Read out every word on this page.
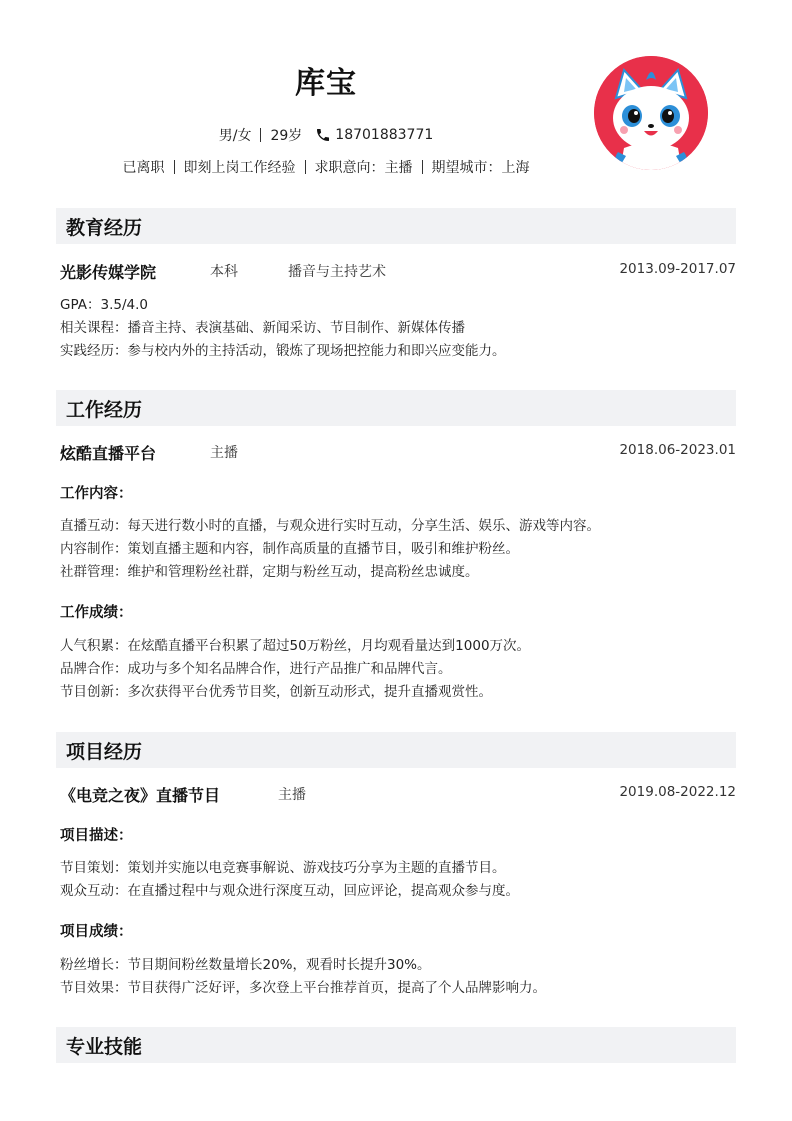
库宝
男/女 29岁 18701883771
已离职 即刻上岗工作经验 求职意向：主播 期望城市：上海
教育经历
光影传媒学院	本科	播音与主持艺术	2013.09-2017.07
GPA：3.5/4.0
相关课程：播音主持、表演基础、新闻采访、节目制作、新媒体传播
实践经历：参与校内外的主持活动，锻炼了现场把控能力和即兴应变能力。
工作经历
炫酷直播平台	主播	2018.06-2023.01
工作内容：
直播互动：每天进行数小时的直播，与观众进行实时互动，分享生活、娱乐、游戏等内容。
内容制作：策划直播主题和内容，制作高质量的直播节目，吸引和维护粉丝。
社群管理：维护和管理粉丝社群，定期与粉丝互动，提高粉丝忠诚度。
工作成绩：
人气积累：在炫酷直播平台积累了超过50万粉丝，月均观看量达到1000万次。
品牌合作：成功与多个知名品牌合作，进行产品推广和品牌代言。
节目创新：多次获得平台优秀节目奖，创新互动形式，提升直播观赏性。
项目经历
《电竞之夜》直播节目	主播	2019.08-2022.12
项目描述：
节目策划：策划并实施以电竞赛事解说、游戏技巧分享为主题的直播节目。
观众互动：在直播过程中与观众进行深度互动，回应评论，提高观众参与度。
项目成绩：
粉丝增长：节目期间粉丝数量增长20%，观看时长提升30%。
节目效果：节目获得广泛好评，多次登上平台推荐首页，提高了个人品牌影响力。
专业技能
